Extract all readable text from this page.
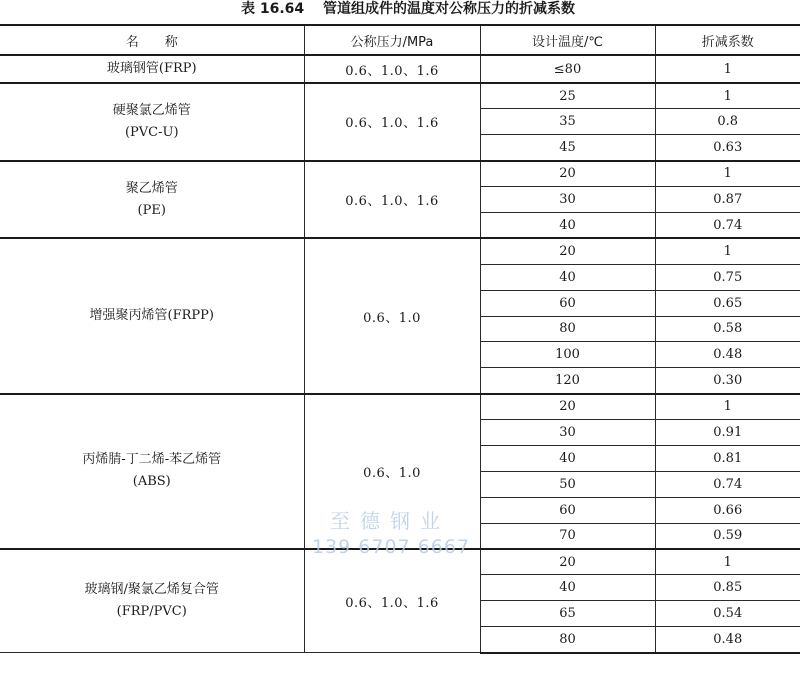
表 16.64 管道组成件的温度对公称压力的折减系数
名　　称	公称压力/MPa	设计温度/℃	折减系数

玻璃钢管(FRP)	0.6、1.0、1.6	≤80	1

硬聚氯乙烯管
(PVC-U)	0.6、1.0、1.6	25	1
		35	0.8
		45	0.63

聚乙烯管
(PE)	0.6、1.0、1.6	20	1
		30	0.87
		40	0.74

增强聚丙烯管(FRPP)	0.6、1.0	20	1
		40	0.75
		60	0.65
		80	0.58
		100	0.48
		120	0.30

丙烯腈-丁二烯-苯乙烯管
(ABS)	0.6、1.0	20	1
		30	0.91
		40	0.81
		50	0.74
		60	0.66
		70	0.59

玻璃钢/聚氯乙烯复合管
(FRP/PVC)	0.6、1.0、1.6	20	1
		40	0.85
		65	0.54
		80	0.48
至德钢业
139 6707 6667
